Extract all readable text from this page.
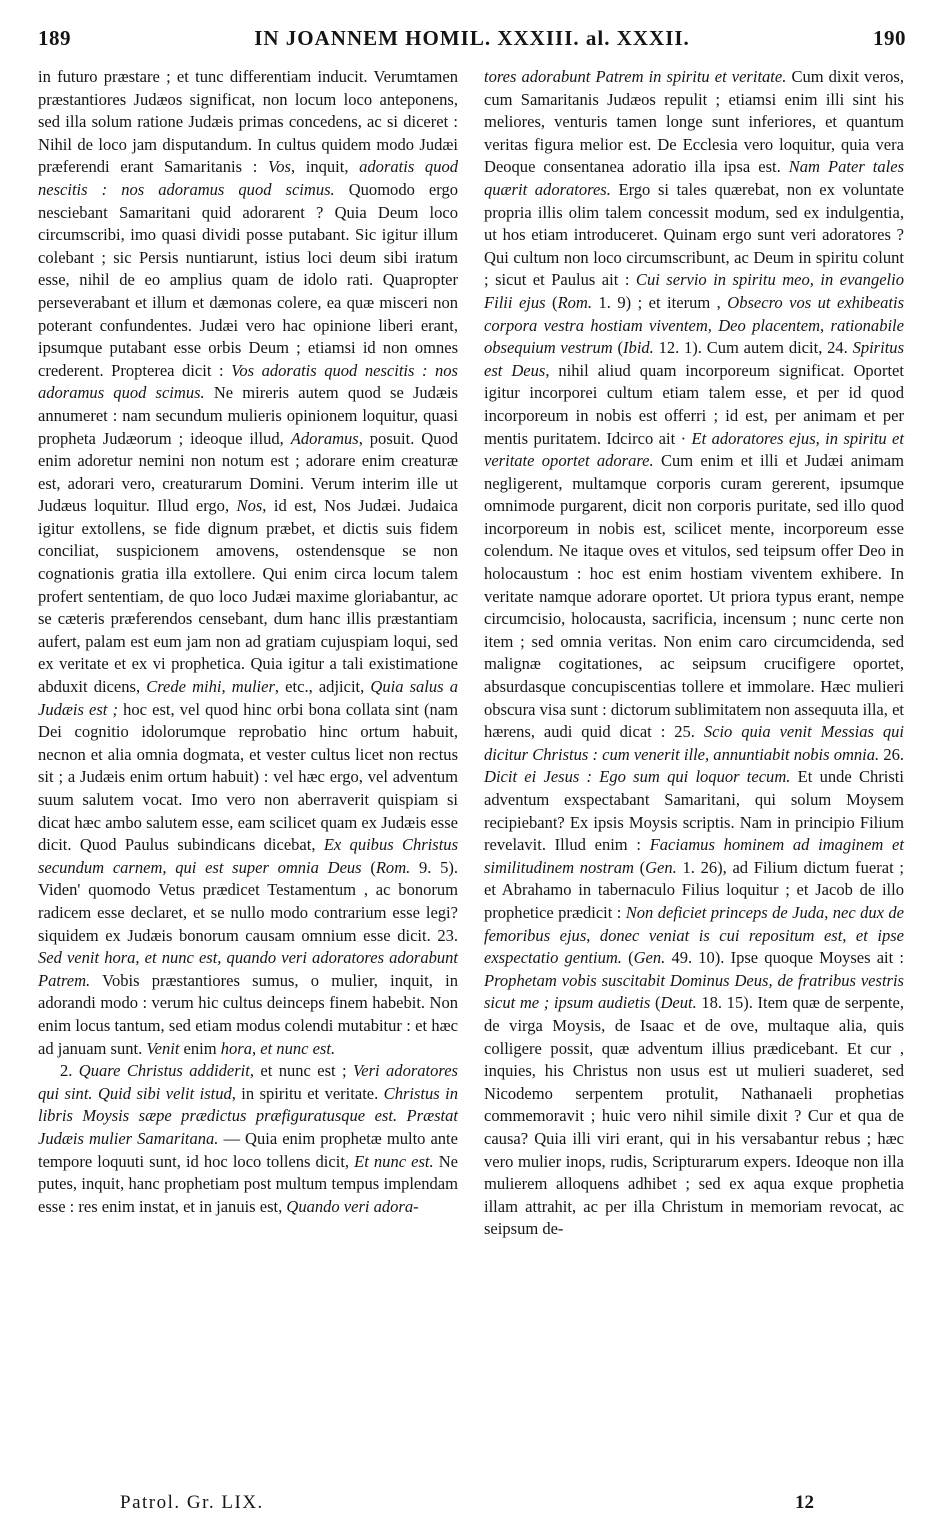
189	IN JOANNEM HOMIL. XXXIII. al. XXXII.	190

in futuro præstare ; et tunc differentiam inducit. Verumtamen præstantiores Judæos significat, non locum loco anteponens, sed illa solum ratione Judæis primas concedens, ac si diceret : Nihil de loco jam disputandum. In cultus quidem modo Judæi præferendi erant Samaritanis : Vos, inquit, adoratis quod nescitis : nos adoramus quod scimus. Quomodo ergo nesciebant Samaritani quid adorarent ? Quia Deum loco circumscribi, imo quasi dividi posse putabant. Sic igitur illum colebant ; sic Persis nuntiarunt, istius loci deum sibi iratum esse, nihil de eo amplius quam de idolo rati. Quapropter perseverabant et illum et dæmonas colere, ea quæ misceri non poterant confundentes. Judæi vero hac opinione liberi erant, ipsumque putabant esse orbis Deum ; etiamsi id non omnes crederent. Propterea dicit : Vos adoratis quod nescitis : nos adoramus quod scimus. Ne mireris autem quod se Judæis annumeret : nam secundum mulieris opinionem loquitur, quasi propheta Judæorum ; ideoque illud, Adoramus, posuit. Quod enim adoretur nemini non notum est ; adorare enim creaturæ est, adorari vero, creaturarum Domini. Verum interim ille ut Judæus loquitur. Illud ergo, Nos, id est, Nos Judæi. Judaica igitur extollens, se fide dignum præbet, et dictis suis fidem conciliat, suspicionem amovens, ostendensque se non cognationis gratia illa extollere. Qui enim circa locum talem profert sententiam, de quo loco Judæi maxime gloriabantur, ac se cæteris præferendos censebant, dum hanc illis præstantiam aufert, palam est eum jam non ad gratiam cujuspiam loqui, sed ex veritate et ex vi prophetica. Quia igitur a tali existimatione abduxit dicens, Crede mihi, mulier, etc., adjicit, Quia salus a Judæis est ; hoc est, vel quod hinc orbi bona collata sint (nam Dei cognitio idolorumque reprobatio hinc ortum habuit, necnon et alia omnia dogmata, et vester cultus licet non rectus sit ; a Judæis enim ortum habuit) : vel hæc ergo, vel adventum suum salutem vocat. Imo vero non aberraverit quispiam si dicat hæc ambo salutem esse, eam scilicet quam ex Judæis esse dicit. Quod Paulus subindicans dicebat, Ex quibus Christus secundum carnem, qui est super omnia Deus (Rom. 9. 5). Viden' quomodo Vetus prædicet Testamentum , ac bonorum radicem esse declaret, et se nullo modo contrarium esse legi? siquidem ex Judæis bonorum causam omnium esse dicit. 23. Sed venit hora, et nunc est, quando veri adoratores adorabunt Patrem. Vobis præstantiores sumus, o mulier, inquit, in adorandi modo : verum hic cultus deinceps finem habebit. Non enim locus tantum, sed etiam modus colendi mutabitur : et hæc ad januam sunt. Venit enim hora, et nunc est.

2. Quare Christus addiderit, et nunc est ; Veri adoratores qui sint. Quid sibi velit istud, in spiritu et veritate. Christus in libris Moysis sæpe prædictus præfiguratusque est. Præstat Judæis mulier Samaritana. — Quia enim prophetæ multo ante tempore loquuti sunt, id hoc loco tollens dicit, Et nunc est. Ne putes, inquit, hanc prophetiam post multum tempus implendam esse : res enim instat, et in januis est, Quando veri adora-

tores adorabunt Patrem in spiritu et veritate. Cum dixit veros, cum Samaritanis Judæos repulit ; etiamsi enim illi sint his meliores, venturis tamen longe sunt inferiores, et quantum veritas figura melior est. De Ecclesia vero loquitur, quia vera Deoque consentanea adoratio illa ipsa est. Nam Pater tales quærit adoratores. Ergo si tales quærebat, non ex voluntate propria illis olim talem concessit modum, sed ex indulgentia, ut hos etiam introduceret. Quinam ergo sunt veri adoratores ? Qui cultum non loco circumscribunt, ac Deum in spiritu colunt ; sicut et Paulus ait : Cui servio in spiritu meo, in evangelio Filii ejus (Rom. 1. 9) ; et iterum , Obsecro vos ut exhibeatis corpora vestra hostiam viventem, Deo placentem, rationabile obsequium vestrum (Ibid. 12. 1). Cum autem dicit, 24. Spiritus est Deus, nihil aliud quam incorporeum significat. Oportet igitur incorporei cultum etiam talem esse, et per id quod incorporeum in nobis est offerri ; id est, per animam et per mentis puritatem. Idcirco ait · Et adoratores ejus, in spiritu et veritate oportet adorare. Cum enim et illi et Judæi animam negligerent, multamque corporis curam gererent, ipsumque omnimode purgarent, dicit non corporis puritate, sed illo quod incorporeum in nobis est, scilicet mente, incorporeum esse colendum. Ne itaque oves et vitulos, sed teipsum offer Deo in holocaustum : hoc est enim hostiam viventem exhibere. In veritate namque adorare oportet. Ut priora typus erant, nempe circumcisio, holocausta, sacrificia, incensum ; nunc certe non item ; sed omnia veritas. Non enim caro circumcidenda, sed malignæ cogitationes, ac seipsum crucifigere oportet, absurdasque concupiscentias tollere et immolare. Hæc mulieri obscura visa sunt : dictorum sublimitatem non assequuta illa, et hærens, audi quid dicat : 25. Scio quia venit Messias qui dicitur Christus : cum venerit ille, annuntiabit nobis omnia. 26. Dicit ei Jesus : Ego sum qui loquor tecum. Et unde Christi adventum exspectabant Samaritani, qui solum Moysem recipiebant? Ex ipsis Moysis scriptis. Nam in principio Filium revelavit. Illud enim : Faciamus hominem ad imaginem et similitudinem nostram (Gen. 1. 26), ad Filium dictum fuerat ; et Abrahamo in tabernaculo Filius loquitur ; et Jacob de illo prophetice prædicit : Non deficiet princeps de Juda, nec dux de femoribus ejus, donec veniat is cui repositum est, et ipse exspectatio gentium. (Gen. 49. 10). Ipse quoque Moyses ait : Prophetam vobis suscitabit Dominus Deus, de fratribus vestris sicut me ; ipsum audietis (Deut. 18. 15). Item quæ de serpente, de virga Moysis, de Isaac et de ove, multaque alia, quis colligere possit, quæ adventum illius prædicebant. Et cur , inquies, his Christus non usus est ut mulieri suaderet, sed Nicodemo serpentem protulit, Nathanaeli prophetias commemoravit ; huic vero nihil simile dixit ? Cur et qua de causa? Quia illi viri erant, qui in his versabantur rebus ; hæc vero mulier inops, rudis, Scripturarum expers. Ideoque non illa mulierem alloquens adhibet ; sed ex aqua exque prophetia illam attrahit, ac per illa Christum in memoriam revocat, ac seipsum de-

Patrol. Gr. LIX.	12
